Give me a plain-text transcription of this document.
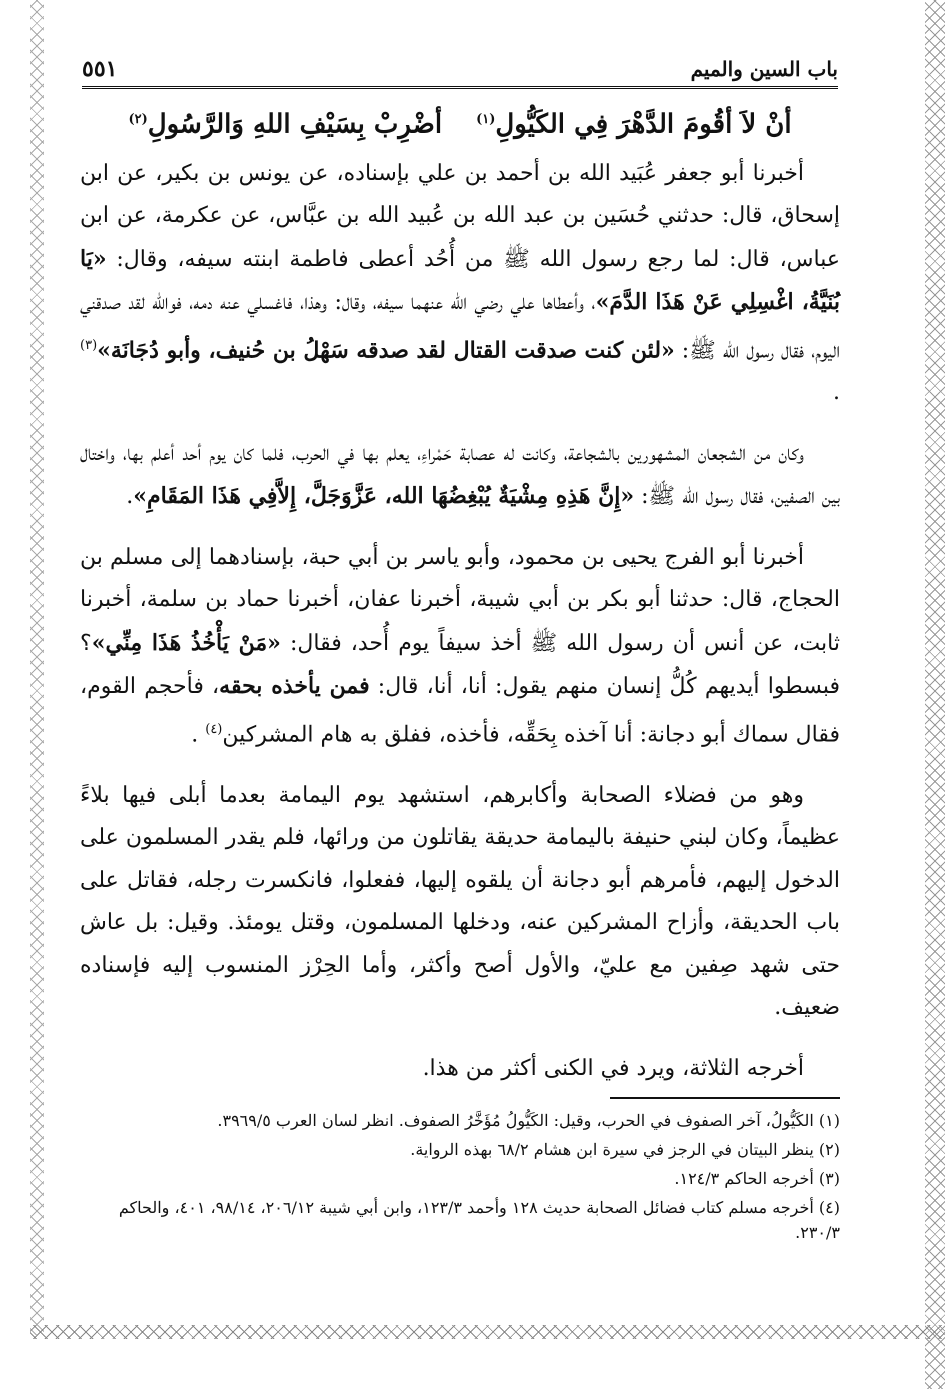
باب السين والميم
٥٥١
أنْ لاَ أقُومَ الدَّهْرَ فِي الكَيُّولِ$^{(١)}$
أضْرِبْ بِسَيْفِ اللهِ وَالرَّسُولِ$^{(٢)}$

أخبرنا أبو جعفر عُبَيد الله بن أحمد بن علي بإسناده، عن يونس بن بكير، عن ابن إسحاق، قال: حدثني حُسَين بن عبد الله بن عُبيد الله بن عبَّاس، عن عكرمة، عن ابن عباس، قال: لما رجع رسول الله ﷺ من أُحُد أعطى فاطمة ابنته سيفه، وقال: «يَا بُنَيَّةُ، اغْسِلِي عَنْ هَذَا الدَّمَ»، وأعطاها علي رضي الله عنهما سيفه، وقال: وهذا، فاغسلي عنه دمه، فوالله لقد صدقني اليوم، فقال رسول الله ﷺ: «لئن كنت صدقت القتال لقد صدقه سَهْلُ بن حُنيف، وأبو دُجَانَة»$^{(٣)}$ .

وكان من الشجعان المشهورين بالشجاعة، وكانت له عصابة حَمْراءِ، يعلم بها في الحرب، فلما كان يوم أحد أعلم بها، واختال بين الصفين، فقال رسول الله ﷺ: «إِنَّ هَذِهِ مِشْيَةٌ يُبْغِضُهَا الله، عَزَّوَجَلَّ، إِلاَّفِي هَذَا المَقَامِ».

أخبرنا أبو الفرج يحيى بن محمود، وأبو ياسر بن أبي حبة، بإسنادهما إلى مسلم بن الحجاج، قال: حدثنا أبو بكر بن أبي شيبة، أخبرنا عفان، أخبرنا حماد بن سلمة، أخبرنا ثابت، عن أنس أن رسول الله ﷺ أخذ سيفاً يوم أُحد، فقال: «مَنْ يَأْخُذُ هَذَا مِنِّي»؟ فبسطوا أيديهم كُلُّ إنسان منهم يقول: أنا، أنا، قال: فمن يأخذه بحقه، فأحجم القوم، فقال سماك أبو دجانة: أنا آخذه بِحَقِّه، فأخذه، ففلق به هام المشركين$^{(٤)}$ .

وهو من فضلاء الصحابة وأكابرهم، استشهد يوم اليمامة بعدما أبلى فيها بلاءً عظيماً، وكان لبني حنيفة باليمامة حديقة يقاتلون من ورائها، فلم يقدر المسلمون على الدخول إليهم، فأمرهم أبو دجانة أن يلقوه إليها، ففعلوا، فانكسرت رجله، فقاتل على باب الحديقة، وأزاح المشركين عنه، ودخلها المسلمون، وقتل يومئذ. وقيل: بل عاش حتى شهد صِفين مع عليّ، والأول أصح وأكثر، وأما الحِرْز المنسوب إليه فإسناده ضعيف.

أخرجه الثلاثة، ويرد في الكنى أكثر من هذا.

(١) الكَيُّولُ، آخر الصفوف في الحرب، وقيل: الكَيُّولُ مُؤَخَّرُ الصفوف. انظر لسان العرب ٣٩٦٩/٥.
(٢) ينظر البيتان في الرجز في سيرة ابن هشام ٦٨/٢ بهذه الرواية.
(٣) أخرجه الحاكم ١٢٤/٣.
(٤) أخرجه مسلم كتاب فضائل الصحابة حديث ١٢٨ وأحمد ١٢٣/٣، وابن أبي شيبة ٢٠٦/١٢، ٩٨/١٤، ٤٠١، والحاكم ٢٣٠/٣.
